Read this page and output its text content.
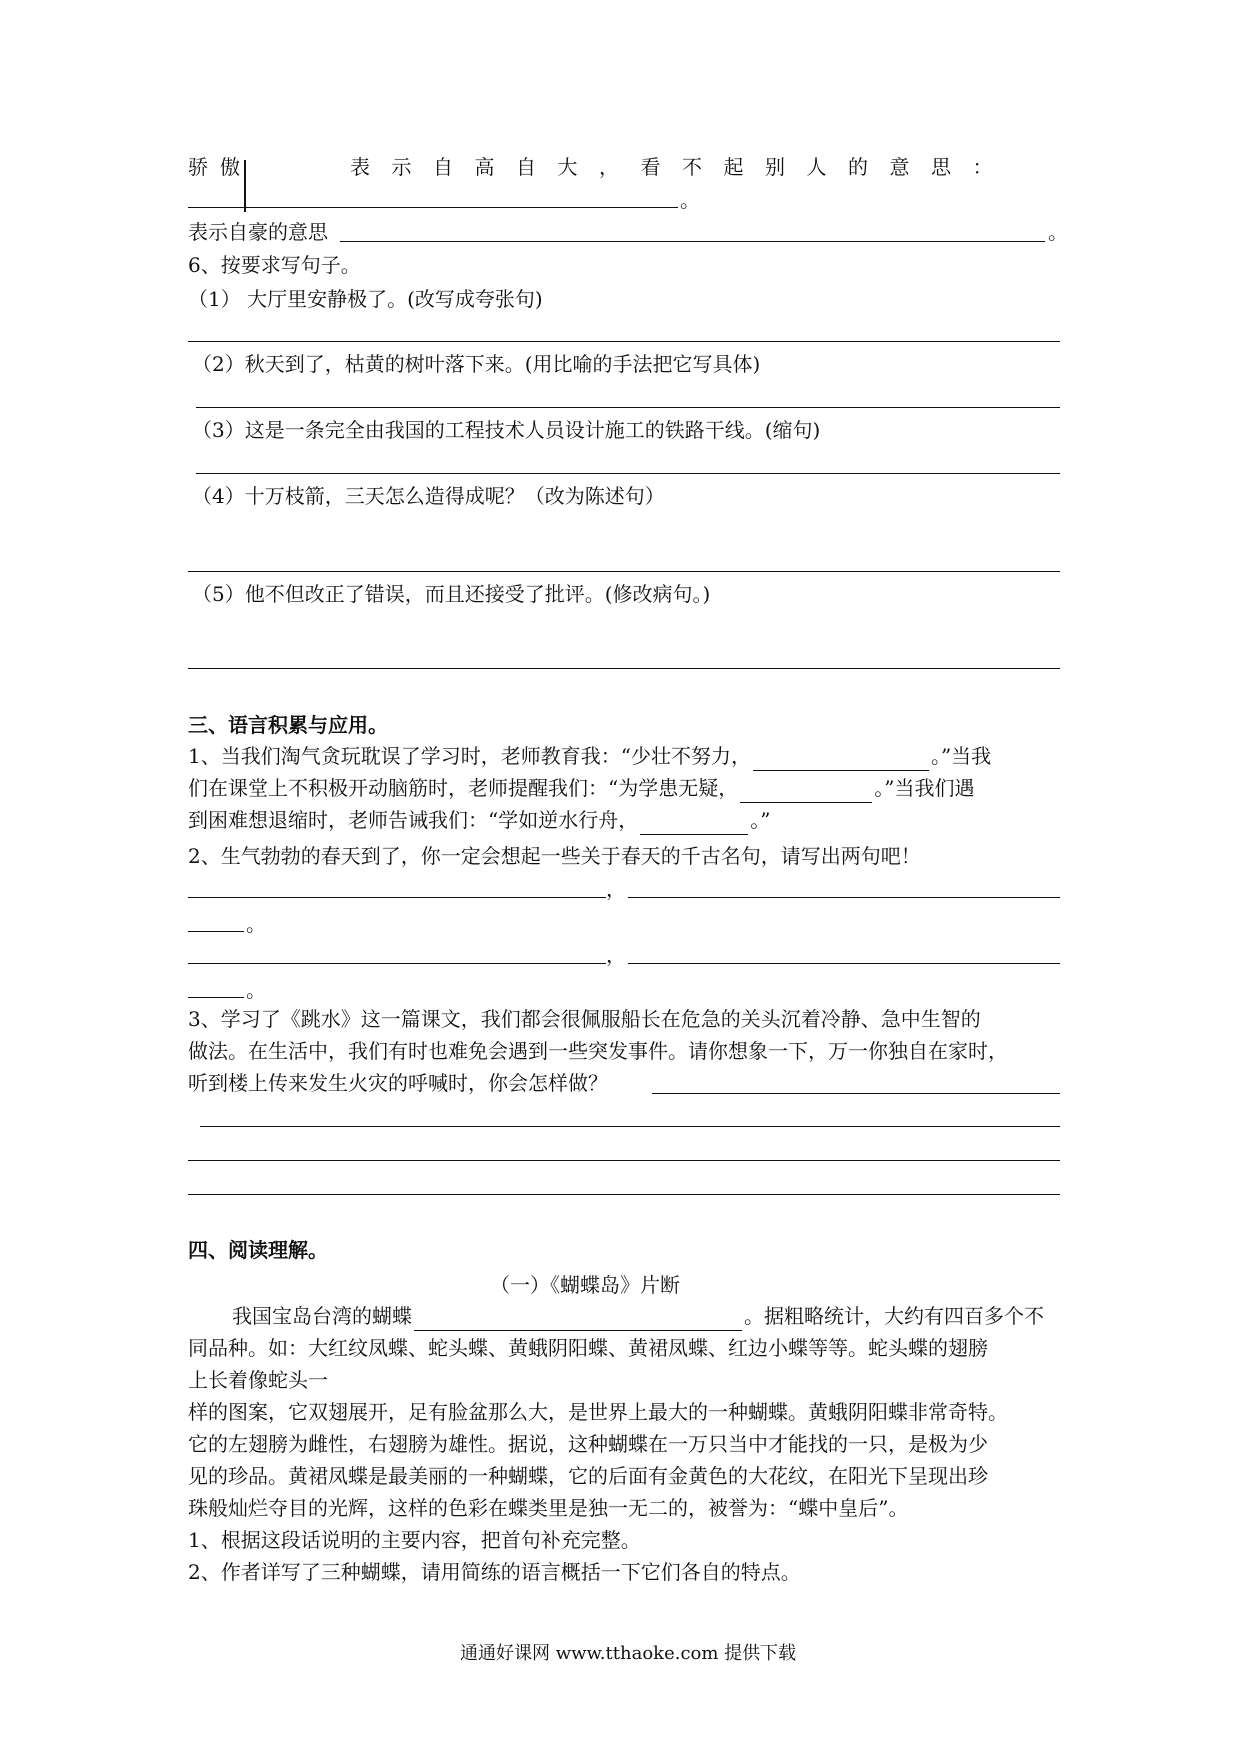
骄傲	表示自高自大，看不起别人的意思：
。
表示自豪的意思	。
6、按要求写句子。
（1） 大厅里安静极了。(改写成夸张句)
（2）秋天到了，枯黄的树叶落下来。(用比喻的手法把它写具体)
（3）这是一条完全由我国的工程技术人员设计施工的铁路干线。(缩句)
（4）十万枝箭，三天怎么造得成呢？（改为陈述句）
（5）他不但改正了错误，而且还接受了批评。(修改病句。)
三、语言积累与应用。
1、当我们淘气贪玩耽误了学习时，老师教育我：“少壮不努力，	。”当我
们在课堂上不积极开动脑筋时，老师提醒我们：“为学患无疑，	。”当我们遇
到困难想退缩时，老师告诫我们：“学如逆水行舟，	。”
2、生气勃勃的春天到了，你一定会想起一些关于春天的千古名句，请写出两句吧！
，
。
，
。
3、学习了《跳水》这一篇课文，我们都会很佩服船长在危急的关头沉着冷静、急中生智的
做法。在生活中，我们有时也难免会遇到一些突发事件。请你想象一下，万一你独自在家时，
听到楼上传来发生火灾的呼喊时，你会怎样做？
四、阅读理解。
（一）《蝴蝶岛》片断
我国宝岛台湾的蝴蝶	。据粗略统计，大约有四百多个不
同品种。如：大红纹凤蝶、蛇头蝶、黄蛾阴阳蝶、黄裙凤蝶、红边小蝶等等。蛇头蝶的翅膀
上长着像蛇头一
样的图案，它双翅展开，足有脸盆那么大，是世界上最大的一种蝴蝶。黄蛾阴阳蝶非常奇特。
它的左翅膀为雌性，右翅膀为雄性。据说，这种蝴蝶在一万只当中才能找的一只，是极为少
见的珍品。黄裙凤蝶是最美丽的一种蝴蝶，它的后面有金黄色的大花纹，在阳光下呈现出珍
珠般灿烂夺目的光辉，这样的色彩在蝶类里是独一无二的，被誉为：“蝶中皇后”。
1、根据这段话说明的主要内容，把首句补充完整。
2、作者详写了三种蝴蝶，请用简练的语言概括一下它们各自的特点。
通通好课网 www.tthaoke.com 提供下载
